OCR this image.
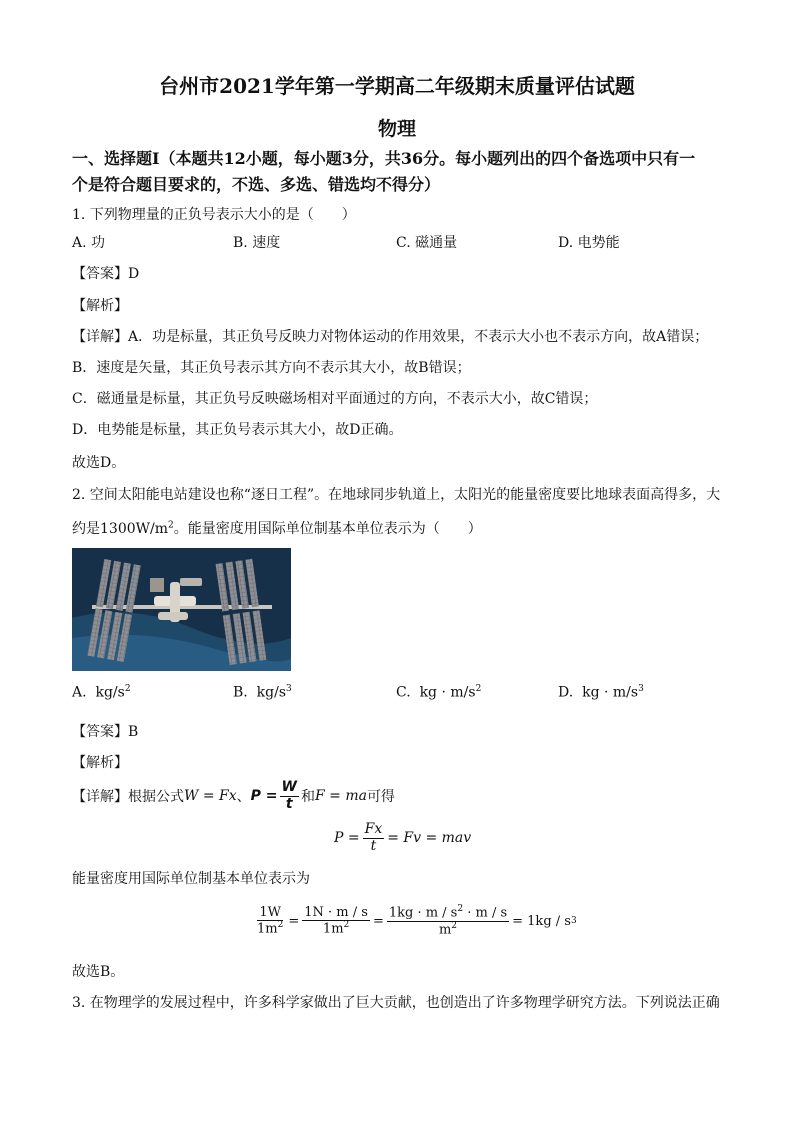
台州市2021学年第一学期高二年级期末质量评估试题
物理
一、选择题Ⅰ（本题共12小题，每小题3分，共36分。每小题列出的四个备选项中只有一
个是符合题目要求的，不选、多选、错选均不得分）
1. 下列物理量的正负号表示大小的是（　　）
A. 功	B. 速度	C. 磁通量	D. 电势能
【答案】D
【解析】
【详解】A．功是标量，其正负号反映力对物体运动的作用效果，不表示大小也不表示方向，故A错误；
B．速度是矢量，其正负号表示其方向不表示其大小，故B错误；
C．磁通量是标量，其正负号反映磁场相对平面通过的方向，不表示大小，故C错误；
D．电势能是标量，其正负号表示其大小，故D正确。
故选D。
2. 空间太阳能电站建设也称“逐日工程”。在地球同步轨道上，太阳光的能量密度要比地球表面高得多，大
约是$1300W/m^2$。能量密度用国际单位制基本单位表示为（　　）
A. $kg/s^2$	B. $kg/s^3$	C. kg · $m/s^2$	D. kg · $m/s^3$
【答案】B
【解析】
【详解】根据公式 W = Fx 、 $P = \frac{W}{t}$ 和 F = ma 可得
$P = \frac{Fx}{t} = Fv$ = mav
能量密度用国际单位制基本单位表示为
$\frac{1W}{1m^2} = \frac{1N \cdot m / s}{1m^2} = \frac{1kg \cdot m / s^2 \cdot m / s}{m^2} = 1kg / s$ 3
故选B。
3. 在物理学的发展过程中，许多科学家做出了巨大贡献，也创造出了许多物理学研究方法。下列说法正确
